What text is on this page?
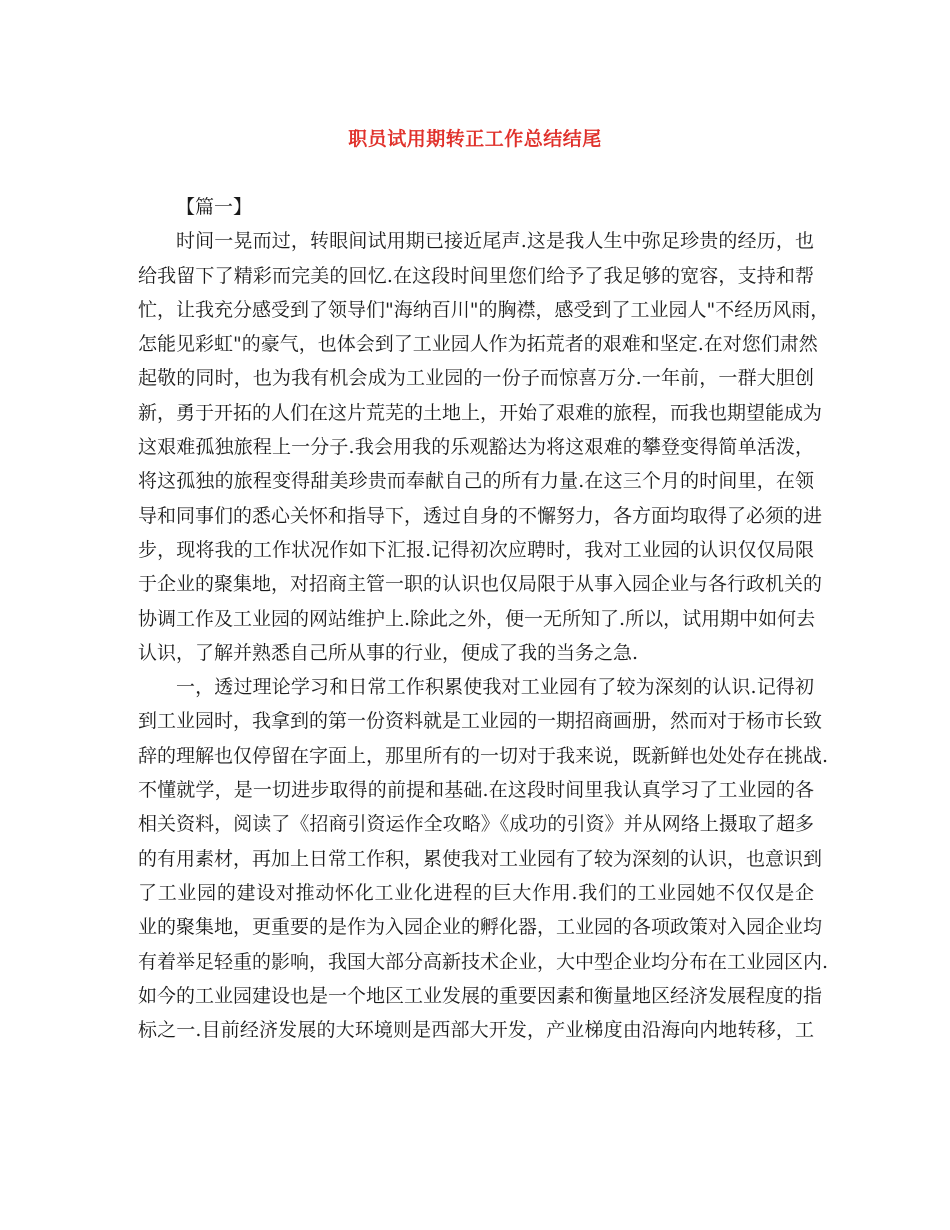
职员试用期转正工作总结结尾
【篇一】
时间一晃而过，转眼间试用期已接近尾声.这是我人生中弥足珍贵的经历，也
给我留下了精彩而完美的回忆.在这段时间里您们给予了我足够的宽容，支持和帮
忙，让我充分感受到了领导们"海纳百川"的胸襟，感受到了工业园人"不经历风雨，
怎能见彩虹"的豪气，也体会到了工业园人作为拓荒者的艰难和坚定.在对您们肃然
起敬的同时，也为我有机会成为工业园的一份子而惊喜万分.一年前，一群大胆创
新，勇于开拓的人们在这片荒芜的土地上，开始了艰难的旅程，而我也期望能成为
这艰难孤独旅程上一分子.我会用我的乐观豁达为将这艰难的攀登变得简单活泼，
将这孤独的旅程变得甜美珍贵而奉献自己的所有力量.在这三个月的时间里，在领
导和同事们的悉心关怀和指导下，透过自身的不懈努力，各方面均取得了必须的进
步，现将我的工作状况作如下汇报.记得初次应聘时，我对工业园的认识仅仅局限
于企业的聚集地，对招商主管一职的认识也仅局限于从事入园企业与各行政机关的
协调工作及工业园的网站维护上.除此之外，便一无所知了.所以，试用期中如何去
认识，了解并熟悉自己所从事的行业，便成了我的当务之急.
一，透过理论学习和日常工作积累使我对工业园有了较为深刻的认识.记得初
到工业园时，我拿到的第一份资料就是工业园的一期招商画册，然而对于杨市长致
辞的理解也仅停留在字面上，那里所有的一切对于我来说，既新鲜也处处存在挑战.
不懂就学，是一切进步取得的前提和基础.在这段时间里我认真学习了工业园的各
相关资料，阅读了《招商引资运作全攻略》《成功的引资》并从网络上摄取了超多
的有用素材，再加上日常工作积，累使我对工业园有了较为深刻的认识，也意识到
了工业园的建设对推动怀化工业化进程的巨大作用.我们的工业园她不仅仅是企
业的聚集地，更重要的是作为入园企业的孵化器，工业园的各项政策对入园企业均
有着举足轻重的影响，我国大部分高新技术企业，大中型企业均分布在工业园区内.
如今的工业园建设也是一个地区工业发展的重要因素和衡量地区经济发展程度的指
标之一.目前经济发展的大环境则是西部大开发，产业梯度由沿海向内地转移，工
